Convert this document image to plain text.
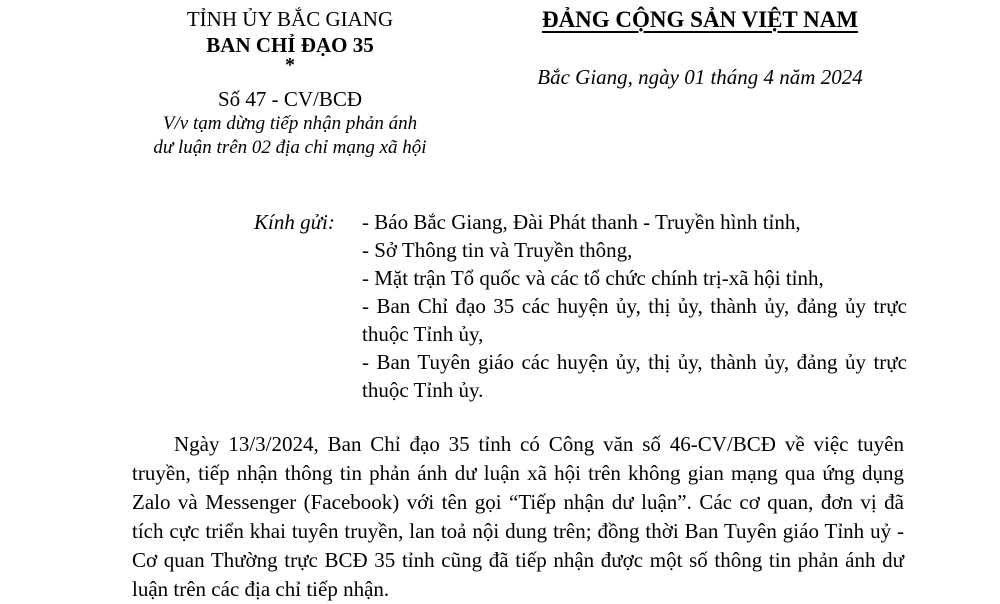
TỈNH ỦY BẮC GIANG
BAN CHỈ ĐẠO 35
*
Số 47 - CV/BCĐ
V/v tạm dừng tiếp nhận phản ánh
dư luận trên 02 địa chỉ mạng xã hội
ĐẢNG CỘNG SẢN VIỆT NAM
Bắc Giang, ngày 01 tháng 4 năm 2024
Kính gửi: - Báo Bắc Giang, Đài Phát thanh - Truyền hình tỉnh,
- Sở Thông tin và Truyền thông,
- Mặt trận Tổ quốc và các tổ chức chính trị-xã hội tỉnh,
- Ban Chỉ đạo 35 các huyện ủy, thị ủy, thành ủy, đảng ủy trực thuộc Tỉnh ủy,
- Ban Tuyên giáo các huyện ủy, thị ủy, thành ủy, đảng ủy trực thuộc Tỉnh ủy.

Ngày 13/3/2024, Ban Chỉ đạo 35 tỉnh có Công văn số 46-CV/BCĐ về việc tuyên truyền, tiếp nhận thông tin phản ánh dư luận xã hội trên không gian mạng qua ứng dụng Zalo và Messenger (Facebook) với tên gọi “Tiếp nhận dư luận”. Các cơ quan, đơn vị đã tích cực triển khai tuyên truyền, lan toả nội dung trên; đồng thời Ban Tuyên giáo Tỉnh uỷ - Cơ quan Thường trực BCĐ 35 tỉnh cũng đã tiếp nhận được một số thông tin phản ánh dư luận trên các địa chỉ tiếp nhận.
